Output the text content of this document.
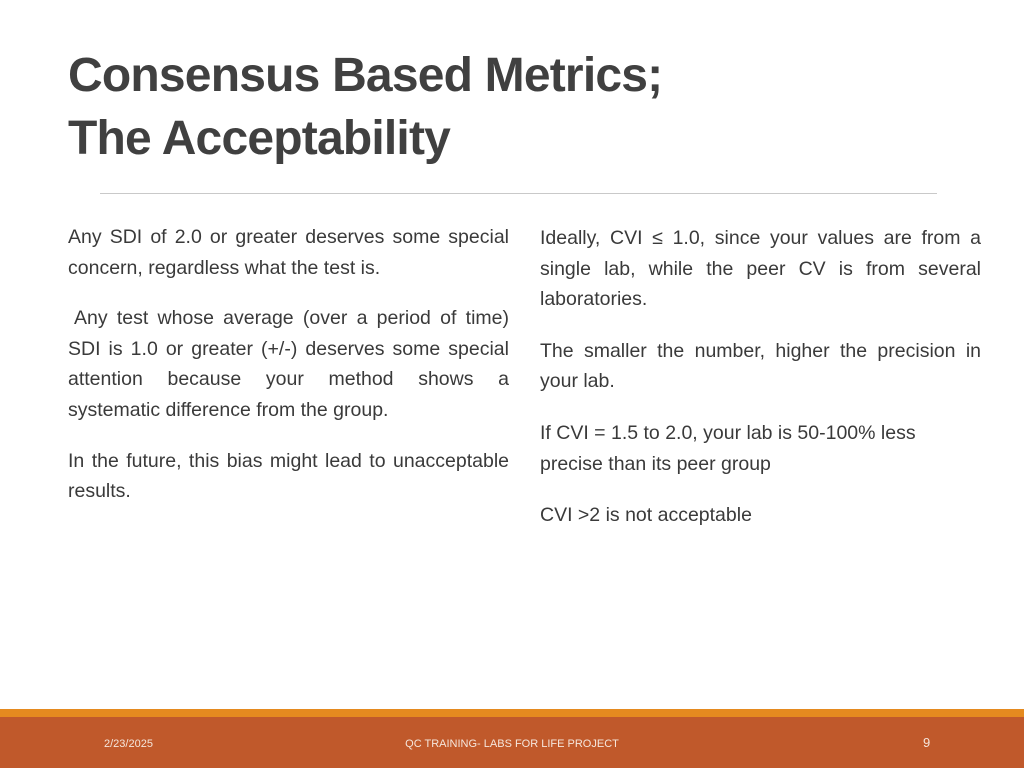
Consensus Based Metrics;
The Acceptability

Any SDI of 2.0 or greater deserves some special concern, regardless what the test is.

Any test whose average (over a period of time) SDI is 1.0 or greater (+/-) deserves some special attention because your method shows a systematic difference from the group.

In the future, this bias might lead to unacceptable results.

Ideally, CVI ≤ 1.0, since your values are from a single lab, while the peer CV is from several laboratories.

The smaller the number, higher the precision in your lab.

If CVI = 1.5 to 2.0, your lab is 50-100% less precise than its peer group

CVI >2 is not acceptable

2/23/2025	QC TRAINING- LABS FOR LIFE PROJECT	9
